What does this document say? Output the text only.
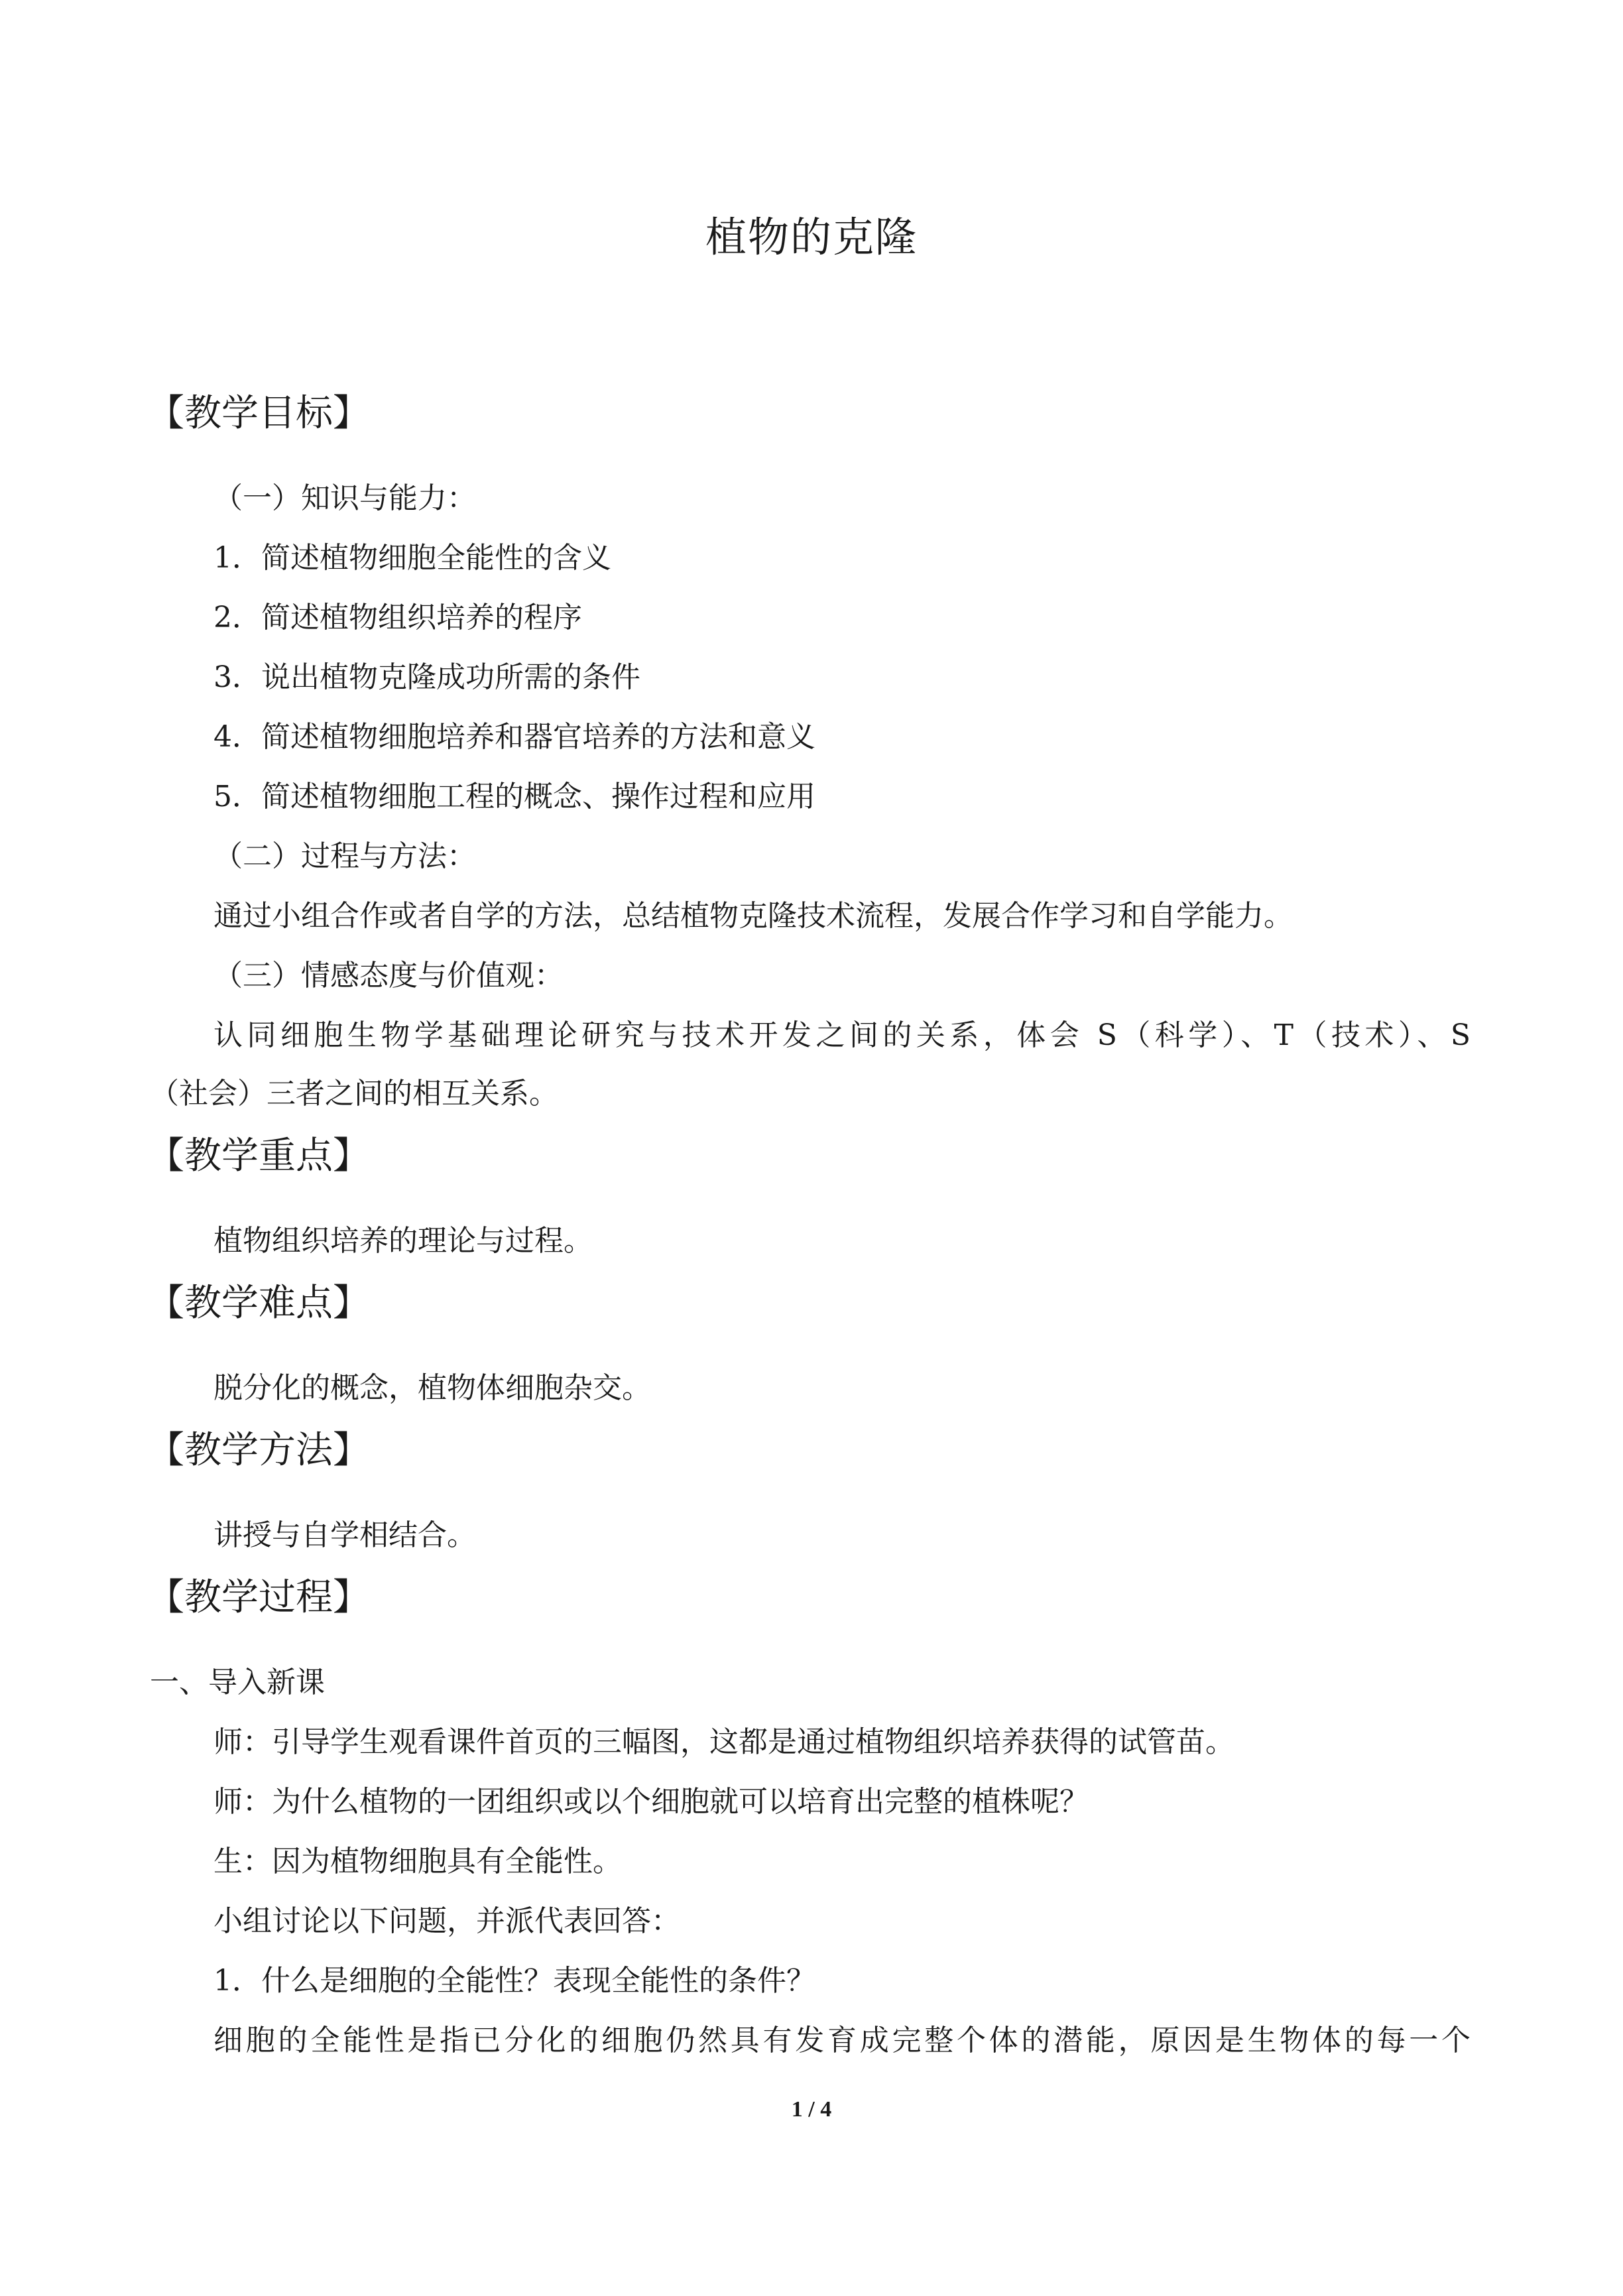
植物的克隆
【教学目标】
（一）知识与能力：
1．简述植物细胞全能性的含义
2．简述植物组织培养的程序
3．说出植物克隆成功所需的条件
4．简述植物细胞培养和器官培养的方法和意义
5．简述植物细胞工程的概念、操作过程和应用
（二）过程与方法：
通过小组合作或者自学的方法，总结植物克隆技术流程，发展合作学习和自学能力。
（三）情感态度与价值观：
认同细胞生物学基础理论研究与技术开发之间的关系，体会 S（科学）、T（技术）、S
（社会）三者之间的相互关系。
【教学重点】
植物组织培养的理论与过程。
【教学难点】
脱分化的概念，植物体细胞杂交。
【教学方法】
讲授与自学相结合。
【教学过程】
一、导入新课
师：引导学生观看课件首页的三幅图，这都是通过植物组织培养获得的试管苗。
师：为什么植物的一团组织或以个细胞就可以培育出完整的植株呢？
生：因为植物细胞具有全能性。
小组讨论以下问题，并派代表回答：
1．什么是细胞的全能性？表现全能性的条件？
细胞的全能性是指已分化的细胞仍然具有发育成完整个体的潜能，原因是生物体的每一个
1 / 4
